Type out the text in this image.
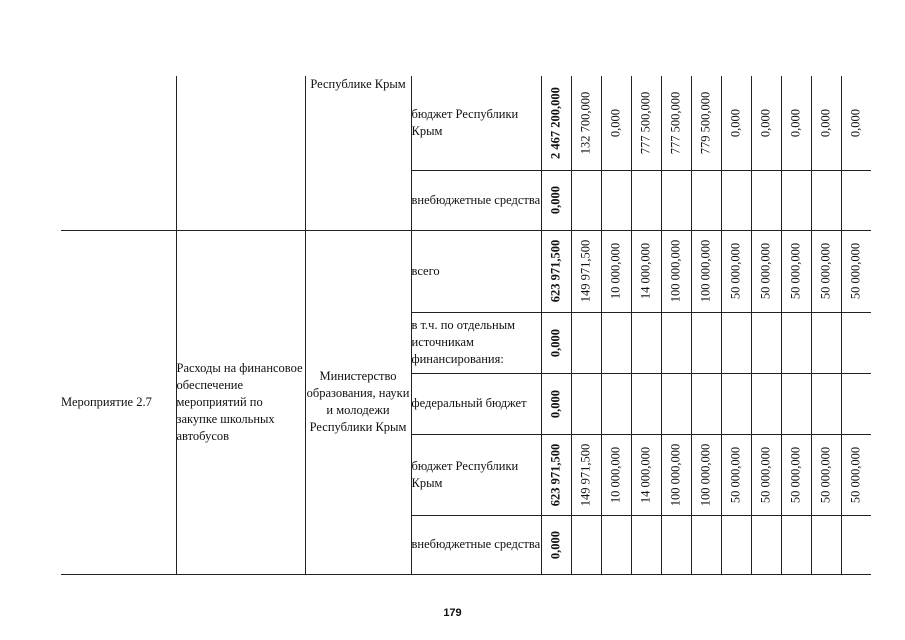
		Республике Крым	бюджет Республики Крым	2 467 200,000	132 700,000	0,000	777 500,000	777 500,000	779 500,000	0,000	0,000	0,000	0,000	0,000

			внебюджетные средства	0,000										

Мероприятие 2.7	Расходы на финансовое обеспечение мероприятий по закупке школьных автобусов	Министерство образования, науки и молодежи Республики Крым	всего	623 971,500	149 971,500	10 000,000	14 000,000	100 000,000	100 000,000	50 000,000	50 000,000	50 000,000	50 000,000	50 000,000

			в т.ч. по отдельным источникам финансирования:	0,000										

			федеральный бюджет	0,000										

			бюджет Республики Крым	623 971,500	149 971,500	10 000,000	14 000,000	100 000,000	100 000,000	50 000,000	50 000,000	50 000,000	50 000,000	50 000,000

			внебюджетные средства	0,000										

179
